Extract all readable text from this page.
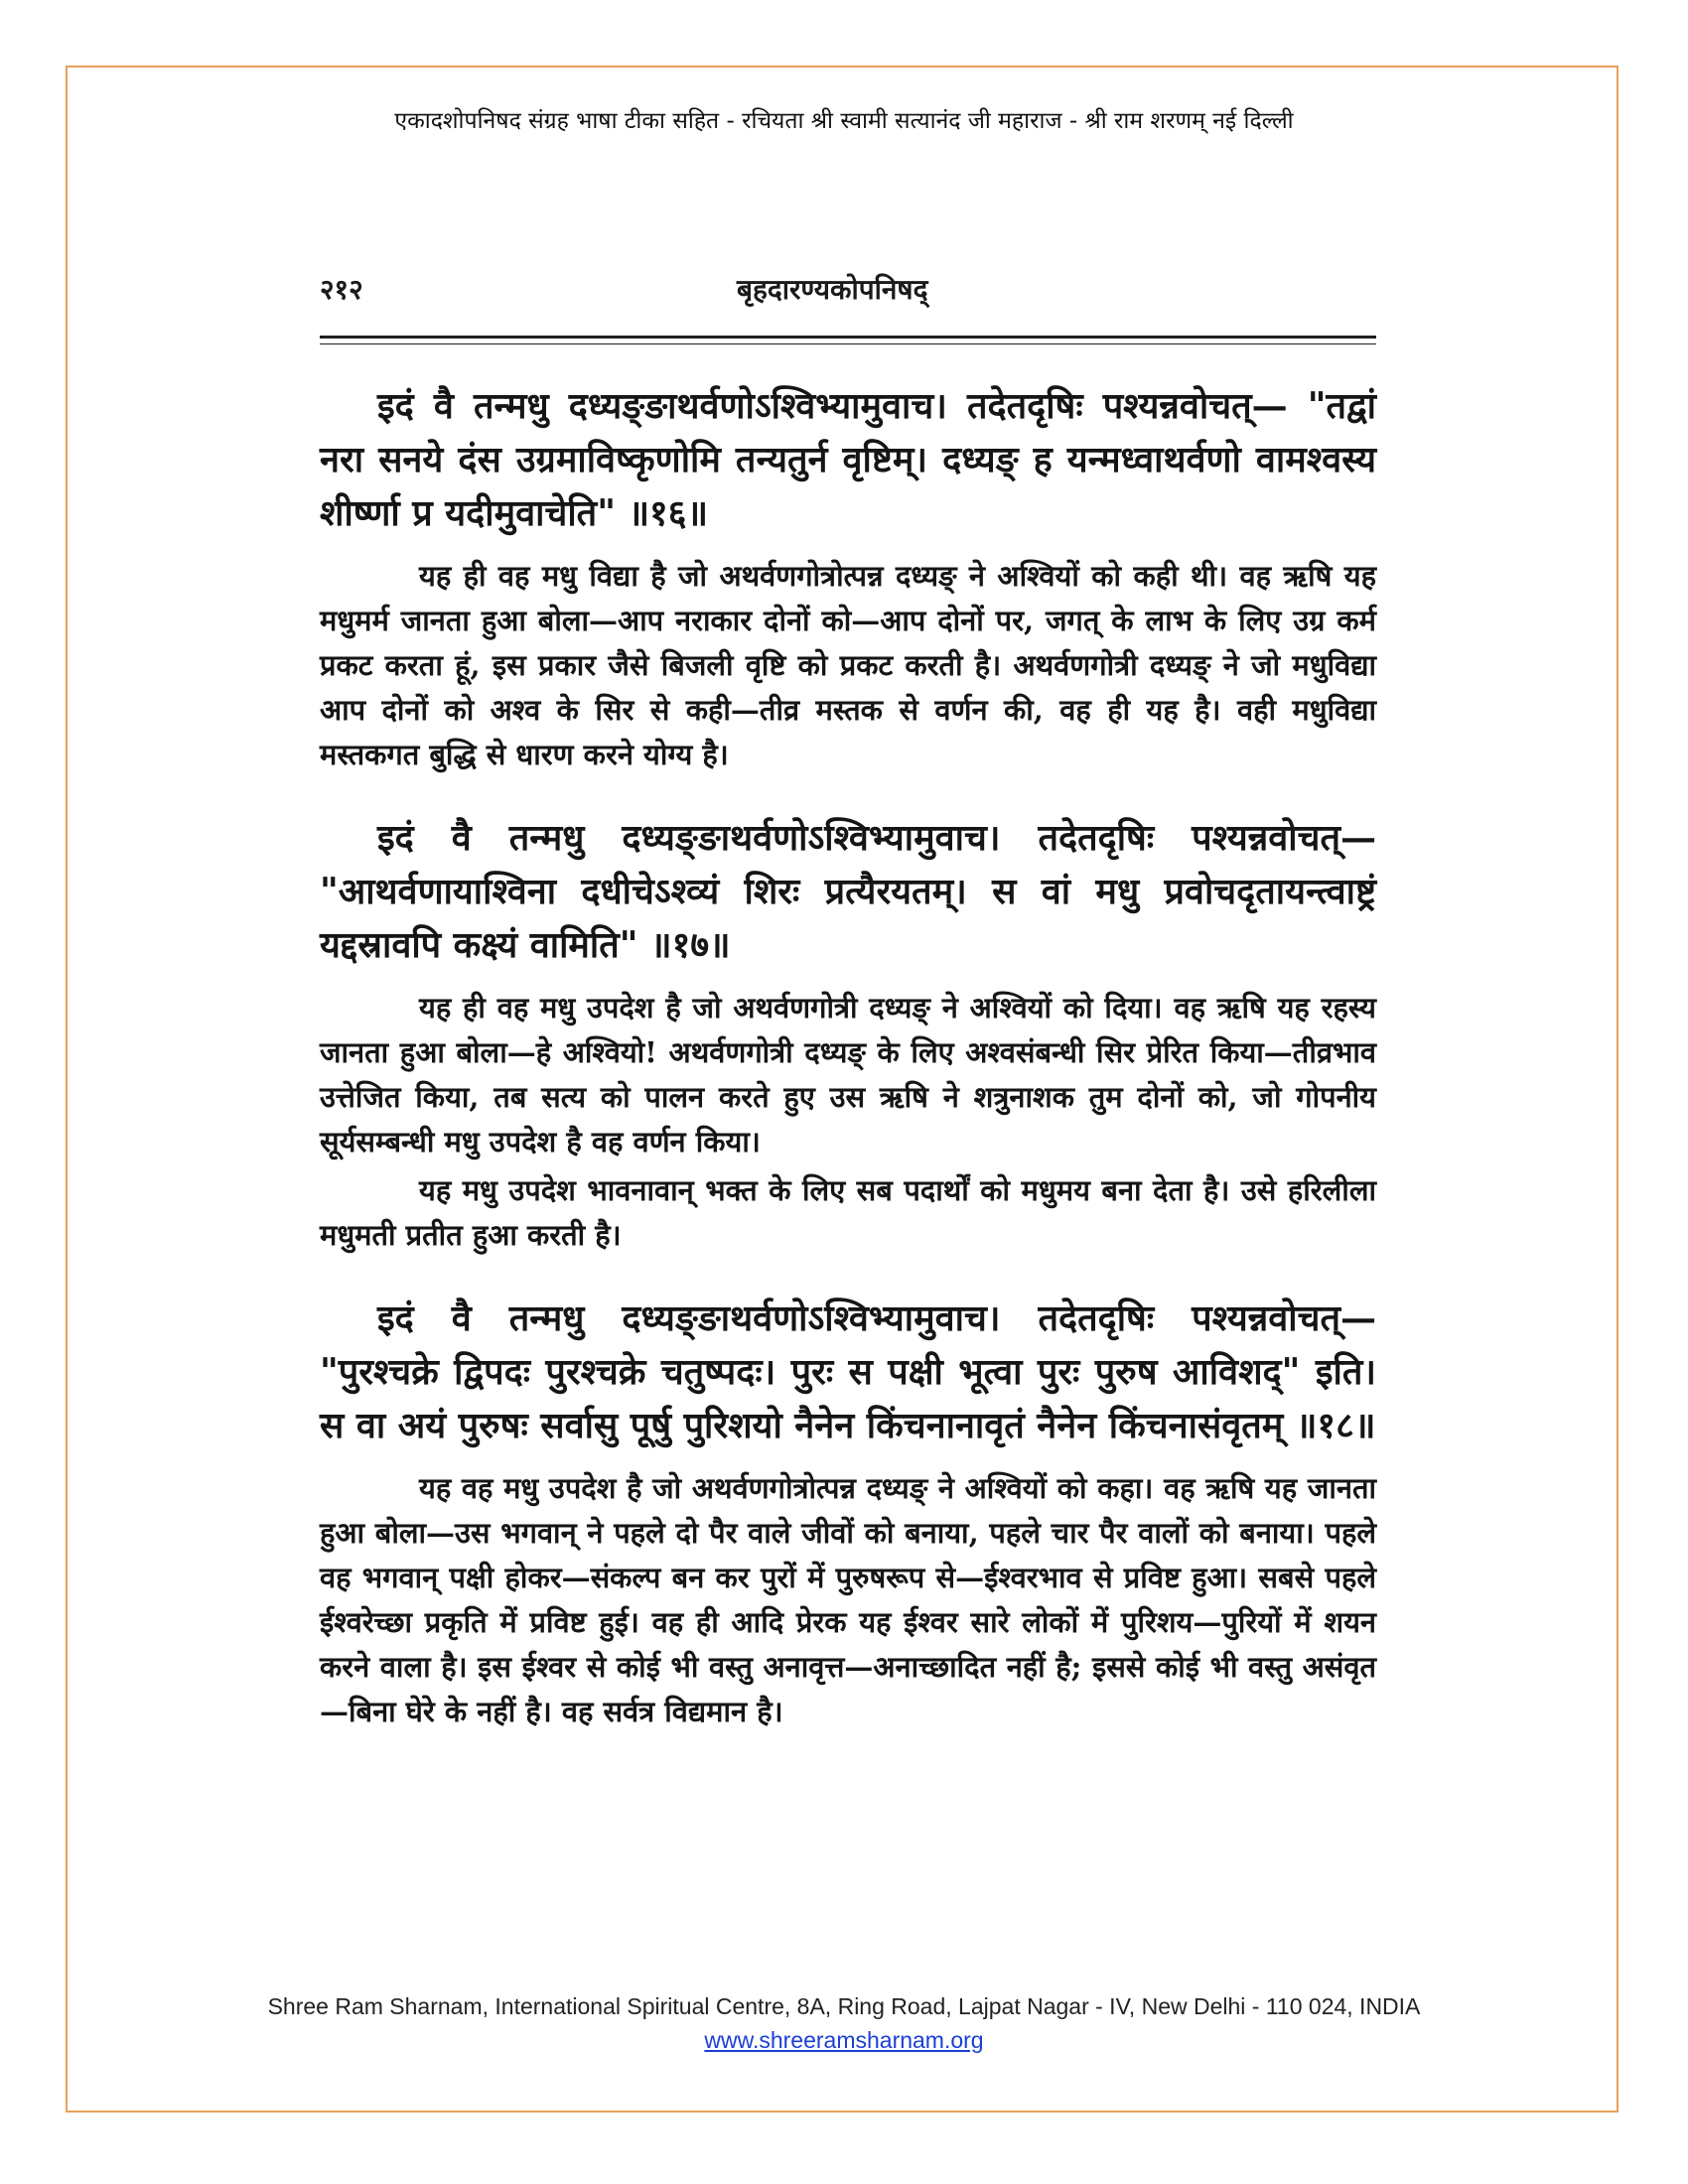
एकादशोपनिषद संग्रह भाषा टीका सहित - रचियता श्री स्वामी सत्यानंद जी महाराज - श्री राम शरणम् नई दिल्ली
२१२	बृहदारण्यकोपनिषद्

इदं वै तन्मधु दध्यङ्ङाथर्वणोऽश्विभ्यामुवाच। तदेतदृषिः पश्यन्नवोचत्— "तद्वां नरा सनये दंस उग्रमाविष्कृणोमि तन्यतुर्न वृष्टिम्। दध्यङ् ह यन्मध्वाथर्वणो वामश्वस्य शीर्ष्णा प्र यदीमुवाचेति" ॥१६॥

यह ही वह मधु विद्या है जो अथर्वणगोत्रोत्पन्न दध्यङ् ने अश्वियों को कही थी। वह ऋषि यह मधुमर्म जानता हुआ बोला—आप नराकार दोनों को—आप दोनों पर, जगत् के लाभ के लिए उग्र कर्म प्रकट करता हूं, इस प्रकार जैसे बिजली वृष्टि को प्रकट करती है। अथर्वणगोत्री दध्यङ् ने जो मधुविद्या आप दोनों को अश्व के सिर से कही—तीव्र मस्तक से वर्णन की, वह ही यह है। वही मधुविद्या मस्तकगत बुद्धि से धारण करने योग्य है।

इदं वै तन्मधु दध्यङ्ङाथर्वणोऽश्विभ्यामुवाच। तदेतदृषिः पश्यन्नवोचत्— "आथर्वणायाश्विना दधीचेऽश्व्यं शिरः प्रत्यैरयतम्। स वां मधु प्रवोचदृतायन्त्वाष्ट्रं यद्दस्रावपि कक्ष्यं वामिति" ॥१७॥

यह ही वह मधु उपदेश है जो अथर्वणगोत्री दध्यङ् ने अश्वियों को दिया। वह ऋषि यह रहस्य जानता हुआ बोला—हे अश्वियो! अथर्वणगोत्री दध्यङ् के लिए अश्वसंबन्धी सिर प्रेरित किया—तीव्रभाव उत्तेजित किया, तब सत्य को पालन करते हुए उस ऋषि ने शत्रुनाशक तुम दोनों को, जो गोपनीय सूर्यसम्बन्धी मधु उपदेश है वह वर्णन किया।

यह मधु उपदेश भावनावान् भक्त के लिए सब पदार्थों को मधुमय बना देता है। उसे हरिलीला मधुमती प्रतीत हुआ करती है।

इदं वै तन्मधु दध्यङ्ङाथर्वणोऽश्विभ्यामुवाच। तदेतदृषिः पश्यन्नवोचत्— "पुरश्चक्रे द्विपदः पुरश्चक्रे चतुष्पदः। पुरः स पक्षी भूत्वा पुरः पुरुष आविशद्" इति। स वा अयं पुरुषः सर्वासु पूर्षु पुरिशयो नैनेन किंचनानावृतं नैनेन किंचनासंवृतम् ॥१८॥

यह वह मधु उपदेश है जो अथर्वणगोत्रोत्पन्न दध्यङ् ने अश्वियों को कहा। वह ऋषि यह जानता हुआ बोला—उस भगवान् ने पहले दो पैर वाले जीवों को बनाया, पहले चार पैर वालों को बनाया। पहले वह भगवान् पक्षी होकर—संकल्प बन कर पुरों में पुरुषरूप से—ईश्वरभाव से प्रविष्ट हुआ। सबसे पहले ईश्वरेच्छा प्रकृति में प्रविष्ट हुई। वह ही आदि प्रेरक यह ईश्वर सारे लोकों में पुरिशय—पुरियों में शयन करने वाला है। इस ईश्वर से कोई भी वस्तु अनावृत्त—अनाच्छादित नहीं है; इससे कोई भी वस्तु असंवृत—बिना घेरे के नहीं है। वह सर्वत्र विद्यमान है।

Shree Ram Sharnam, International Spiritual Centre, 8A, Ring Road, Lajpat Nagar - IV, New Delhi - 110 024, INDIA
www.shreeramsharnam.org
